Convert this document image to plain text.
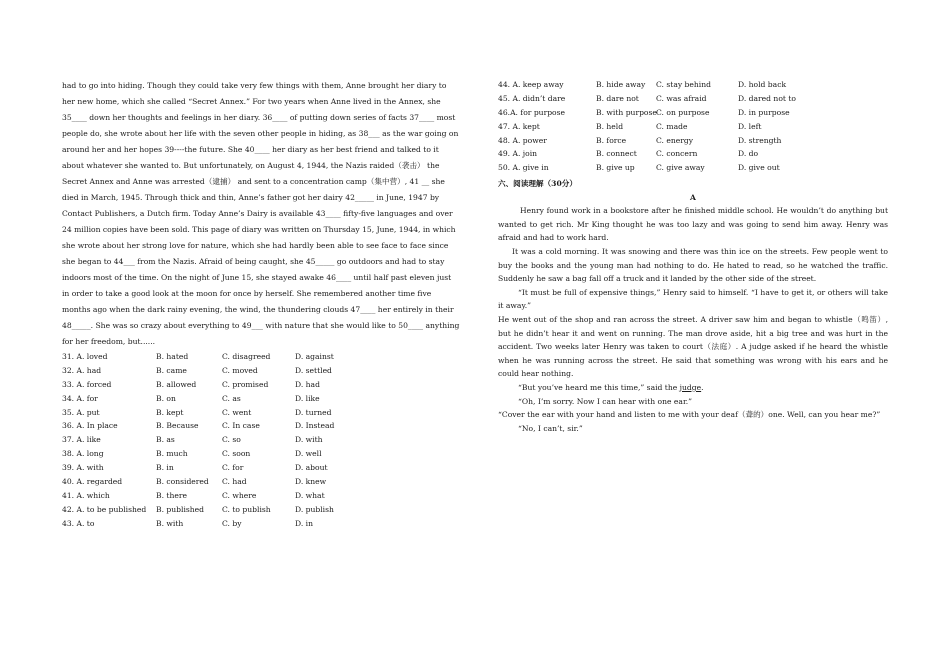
had to go into hiding. Though they could take very few things with them, Anne brought her diary to her new home, which she called “Secret Annex.” For two years when Anne lived in the Annex, she 35____ down her thoughts and feelings in her diary. 36____ of putting down series of facts 37____ most people do, she wrote about her life with the seven other people in hiding, as 38___ as the war going on around her and her hopes 39----the future. She 40____ her diary as her best friend and talked to it about whatever she wanted to. But unfortunately, on August 4, 1944, the Nazis raided（袭击） the Secret Annex and Anne was arrested（逮捕） and sent to a concentration camp（集中营）, 41 __ she died in March, 1945. Through thick and thin, Anne’s father got her dairy 42_____ in June, 1947 by Contact Publishers, a Dutch firm. Today Anne’s Dairy is available 43____ fifty-five languages and over 24 million copies have been sold. This page of diary was written on Thursday 15, June, 1944, in which she wrote about her strong love for nature, which she had hardly been able to see face to face since she began to 44___ from the Nazis. Afraid of being caught, she 45_____ go outdoors and had to stay indoors most of the time. On the night of June 15, she stayed awake 46____ until half past eleven just in order to take a good look at the moon for once by herself. She remembered another time five months ago when the dark rainy evening, the wind, the thundering clouds 47____ her entirely in their 48_____. She was so crazy about everything to 49___ with nature that she would like to 50____ anything for her freedom, but......

31. A. loved	B. hated	C. disagreed	D. against
32. A. had	B. came	C. moved	D. settled
33. A. forced	B. allowed	C. promised	D. had
34. A. for	B. on	C. as	D. like
35. A. put	B. kept	C. went	D. turned
36. A. In place	B. Because	C. In case	D. Instead
37. A. like	B. as	C. so	D. with
38. A. long	B. much	C. soon	D. well
39. A. with	B. in	C. for	D. about
40. A. regarded	B. considered C. had	D. knew
41. A. which	B. there	C. where	D. what
42. A. to be published B. published C. to publish	D. publish
43. A. to	B. with	C. by	D. in
44. A. keep away	B. hide away C. stay behind	D. hold back
45. A. didn’t dare	B. dare not C. was afraid	D. dared not to
46.A. for purpose	B. with purpose C. on purpose	D. in purpose
47. A. kept	B. held	C. made	D. left
48. A. power	B. force	C. energy	D. strength
49. A. join	B. connect	C. concern	D. do
50. A. give in	B. give up	C. give away	D. give out

六、阅读理解（30分）

A

Henry found work in a bookstore after he finished middle school. He wouldn’t do anything but wanted to get rich. Mr King thought he was too lazy and was going to send him away. Henry was afraid and had to work hard.

It was a cold morning. It was snowing and there was thin ice on the streets. Few people went to buy the books and the young man had nothing to do. He hated to read, so he watched the traffic. Suddenly he saw a bag fall off a truck and it landed by the other side of the street.

“It must be full of expensive things,” Henry said to himself. “I have to get it, or others will take it away.”

He went out of the shop and ran across the street. A driver saw him and began to whistle（鸣笛）, but he didn’t hear it and went on running. The man drove aside, hit a big tree and was hurt in the accident. Two weeks later Henry was taken to court（法庭）. A judge asked if he heard the whistle when he was running across the street. He said that something was wrong with his ears and he could hear nothing.

“But you’ve heard me this time,” said the judge.

“Oh, I’m sorry. Now I can hear with one ear.”

“Cover the ear with your hand and listen to me with your deaf（聋的）one. Well, can you hear me?”

“No, I can’t, sir.”
